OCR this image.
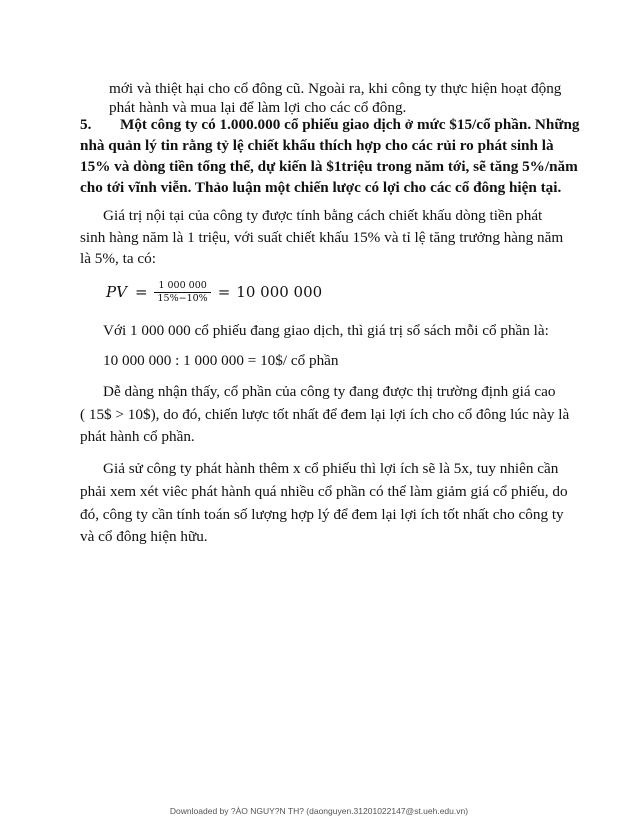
mới và thiệt hại cho cổ đông cũ. Ngoài ra, khi công ty thực hiện hoạt động
phát hành và mua lại để làm lợi cho các cổ đông.
5. Một công ty có 1.000.000 cổ phiếu giao dịch ở mức $15/cổ phần. Những
nhà quản lý tin rằng tỷ lệ chiết khấu thích hợp cho các rủi ro phát sinh là
15% và dòng tiền tổng thể, dự kiến là $1triệu trong năm tới, sẽ tăng 5%/năm
cho tới vĩnh viễn. Thảo luận một chiến lược có lợi cho các cổ đông hiện tại.
Giá trị nội tại của công ty được tính bằng cách chiết khấu dòng tiền phát
sinh hàng năm là 1 triệu, với suất chiết khấu 15% và tỉ lệ tăng trưởng hàng năm
là 5%, ta có:
PV = $\frac{1 000 000}{15\%-10\%} = 10$ 000 000
Với 1 000 000 cổ phiếu đang giao dịch, thì giá trị sổ sách mỗi cổ phần là:
10 000 000 : 1 000 000 = 10$/ cổ phần
Dễ dàng nhận thấy, cổ phần của công ty đang được thị trường định giá cao
( 15$ > 10$), do đó, chiến lược tốt nhất để đem lại lợi ích cho cổ đông lúc này là
phát hành cổ phần.
Giả sử công ty phát hành thêm x cổ phiếu thì lợi ích sẽ là 5x, tuy nhiên cần
phải xem xét viêc phát hành quá nhiều cổ phần có thể làm giảm giá cổ phiếu, do
đó, công ty cần tính toán số lượng hợp lý để đem lại lợi ích tốt nhất cho công ty
và cổ đông hiện hữu.
Downloaded by ?ÀO NGUY?N TH? (daonguyen.31201022147@st.ueh.edu.vn)
